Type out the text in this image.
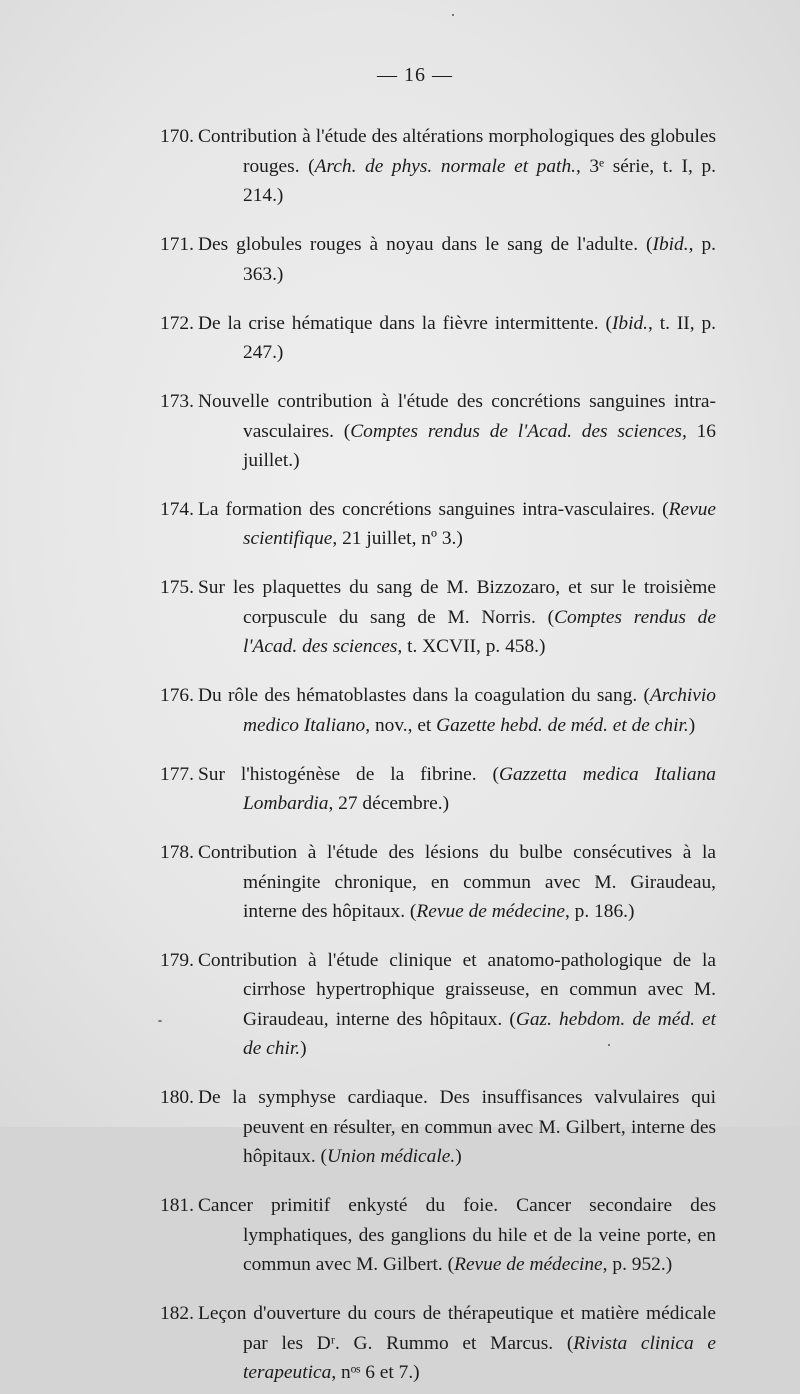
— 16 —

170. Contribution à l'étude des altérations morphologiques des globules rouges. (Arch. de phys. normale et path., 3ᵉ série, t. I, p. 214.)

171. Des globules rouges à noyau dans le sang de l'adulte. (Ibid., p. 363.)

172. De la crise hématique dans la fièvre intermittente. (Ibid., t. II, p. 247.)

173. Nouvelle contribution à l'étude des concrétions sanguines intra-vasculaires. (Comptes rendus de l'Acad. des sciences, 16 juillet.)

174. La formation des concrétions sanguines intra-vasculaires. (Revue scientifique, 21 juillet, nº 3.)

175. Sur les plaquettes du sang de M. Bizzozaro, et sur le troisième corpuscule du sang de M. Norris. (Comptes rendus de l'Acad. des sciences, t. XCVII, p. 458.)

176. Du rôle des hématoblastes dans la coagulation du sang. (Archivio medico Italiano, nov., et Gazette hebd. de méd. et de chir.)

177. Sur l'histogénèse de la fibrine. (Gazzetta medica Italiana Lombardia, 27 décembre.)

178. Contribution à l'étude des lésions du bulbe consécutives à la méningite chronique, en commun avec M. Giraudeau, interne des hôpitaux. (Revue de médecine, p. 186.)

179. Contribution à l'étude clinique et anatomo-pathologique de la cirrhose hypertrophique graisseuse, en commun avec M. Giraudeau, interne des hôpitaux. (Gaz. hebdom. de méd. et de chir.)

180. De la symphyse cardiaque. Des insuffisances valvulaires qui peuvent en résulter, en commun avec M. Gilbert, interne des hôpitaux. (Union médicale.)

181. Cancer primitif enkysté du foie. Cancer secondaire des lymphatiques, des ganglions du hile et de la veine porte, en commun avec M. Gilbert. (Revue de médecine, p. 952.)

182. Leçon d'ouverture du cours de thérapeutique et matière médicale par les Dʳ. G. Rummo et Marcus. (Rivista clinica e terapeutica, nᵒˢ 6 et 7.)
